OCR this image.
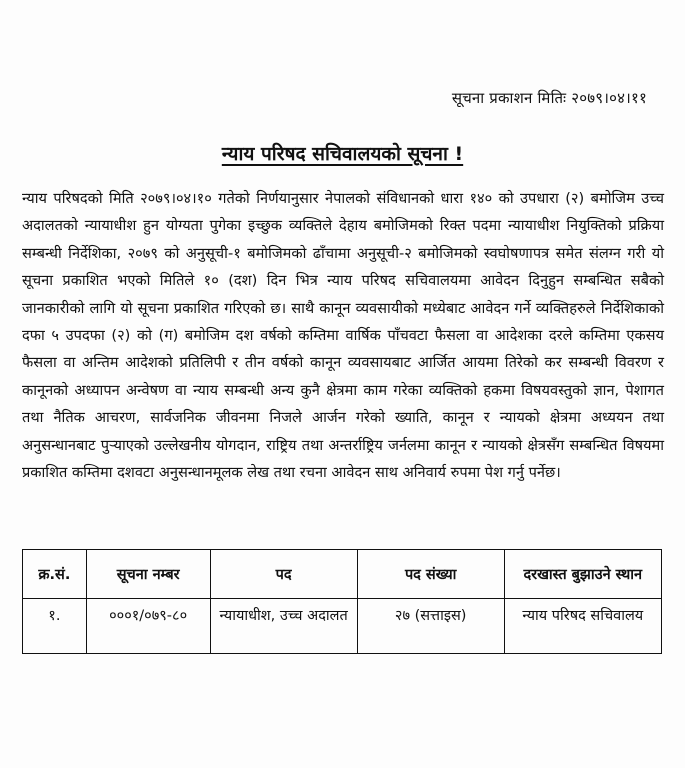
सूचना प्रकाशन मितिः २०७९।०४।११
न्याय परिषद सचिवालयको सूचना !

न्याय परिषदको मिति २०७९।०४।१० गतेको निर्णयानुसार नेपालको संविधानको धारा १४० को उपधारा (२) बमोजिम उच्च अदालतको न्यायाधीश हुन योग्यता पुगेका इच्छुक व्यक्तिले देहाय बमोजिमको रिक्त पदमा न्यायाधीश नियुक्तिको प्रक्रिया सम्बन्धी निर्देशिका, २०७९ को अनुसूची-१ बमोजिमको ढाँचामा अनुसूची-२ बमोजिमको स्वघोषणापत्र समेत संलग्न गरी यो सूचना प्रकाशित भएको मितिले १० (दश) दिन भित्र न्याय परिषद सचिवालयमा आवेदन दिनुहुन सम्बन्धित सबैको जानकारीको लागि यो सूचना प्रकाशित गरिएको छ। साथै कानून व्यवसायीको मध्येबाट आवेदन गर्ने व्यक्तिहरुले निर्देशिकाको दफा ५ उपदफा (२) को (ग) बमोजिम दश वर्षको कम्तिमा वार्षिक पाँचवटा फैसला वा आदेशका दरले कम्तिमा एकसय फैसला वा अन्तिम आदेशको प्रतिलिपी र तीन वर्षको कानून व्यवसायबाट आर्जित आयमा तिरेको कर सम्बन्धी विवरण र कानूनको अध्यापन अन्वेषण वा न्याय सम्बन्धी अन्य कुनै क्षेत्रमा काम गरेका व्यक्तिको हकमा विषयवस्तुको ज्ञान, पेशागत तथा नैतिक आचरण, सार्वजनिक जीवनमा निजले आर्जन गरेको ख्याति, कानून र न्यायको क्षेत्रमा अध्ययन तथा अनुसन्धानबाट पुऱ्याएको उल्लेखनीय योगदान, राष्ट्रिय तथा अन्तर्राष्ट्रिय जर्नलमा कानून र न्यायको क्षेत्रसँग सम्बन्धित विषयमा प्रकाशित कम्तिमा दशवटा अनुसन्धानमूलक लेख तथा रचना आवेदन साथ अनिवार्य रुपमा पेश गर्नु पर्नेछ।

क्र.सं.	सूचना नम्बर	पद	पद संख्या	दरखास्त बुझाउने स्थान
१.	०००१/०७९-८०	न्यायाधीश, उच्च अदालत	२७ (सत्ताइस)	न्याय परिषद सचिवालय
